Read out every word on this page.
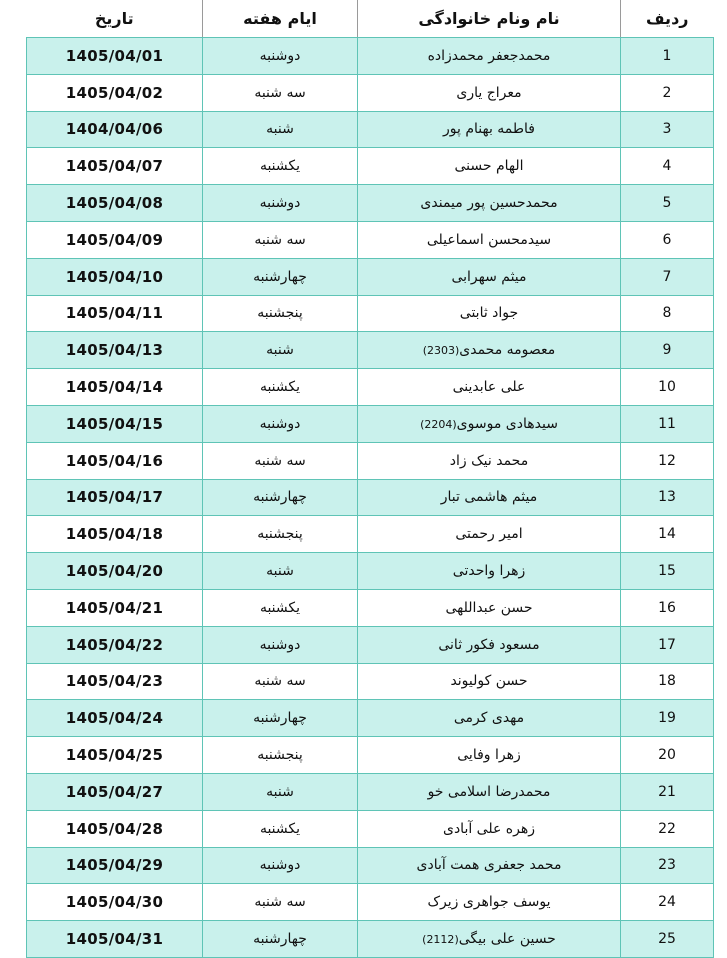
ردیف	نام ونام خانوادگی	ایام هفته	تاریخ
1	محمدجعفر محمدزاده	دوشنبه	1405/04/01
2	معراج یاری	سه شنبه	1405/04/02
3	فاطمه بهنام پور	شنبه	1404/04/06
4	الهام حسنی	یکشنبه	1405/04/07
5	محمدحسین پور میمندی	دوشنبه	1405/04/08
6	سیدمحسن اسماعیلی	سه شنبه	1405/04/09
7	میثم سهرابی	چهارشنبه	1405/04/10
8	جواد ثابتی	پنجشنبه	1405/04/11
9	معصومه محمدی(2303)	شنبه	1405/04/13
10	علی عابدینی	یکشنبه	1405/04/14
11	سیدهادی موسوی(2204)	دوشنبه	1405/04/15
12	محمد نیک زاد	سه شنبه	1405/04/16
13	میثم هاشمی تبار	چهارشنبه	1405/04/17
14	امیر رحمتی	پنجشنبه	1405/04/18
15	زهرا واحدتی	شنبه	1405/04/20
16	حسن عبداللهی	یکشنبه	1405/04/21
17	مسعود فکور ثانی	دوشنبه	1405/04/22
18	حسن کولیوند	سه شنبه	1405/04/23
19	مهدی کرمی	چهارشنبه	1405/04/24
20	زهرا وفایی	پنجشنبه	1405/04/25
21	محمدرضا اسلامی خو	شنبه	1405/04/27
22	زهره علی آبادی	یکشنبه	1405/04/28
23	محمد جعفری همت آبادی	دوشنبه	1405/04/29
24	یوسف جواهری زیرک	سه شنبه	1405/04/30
25	حسین علی بیگی(2112)	چهارشنبه	1405/04/31
